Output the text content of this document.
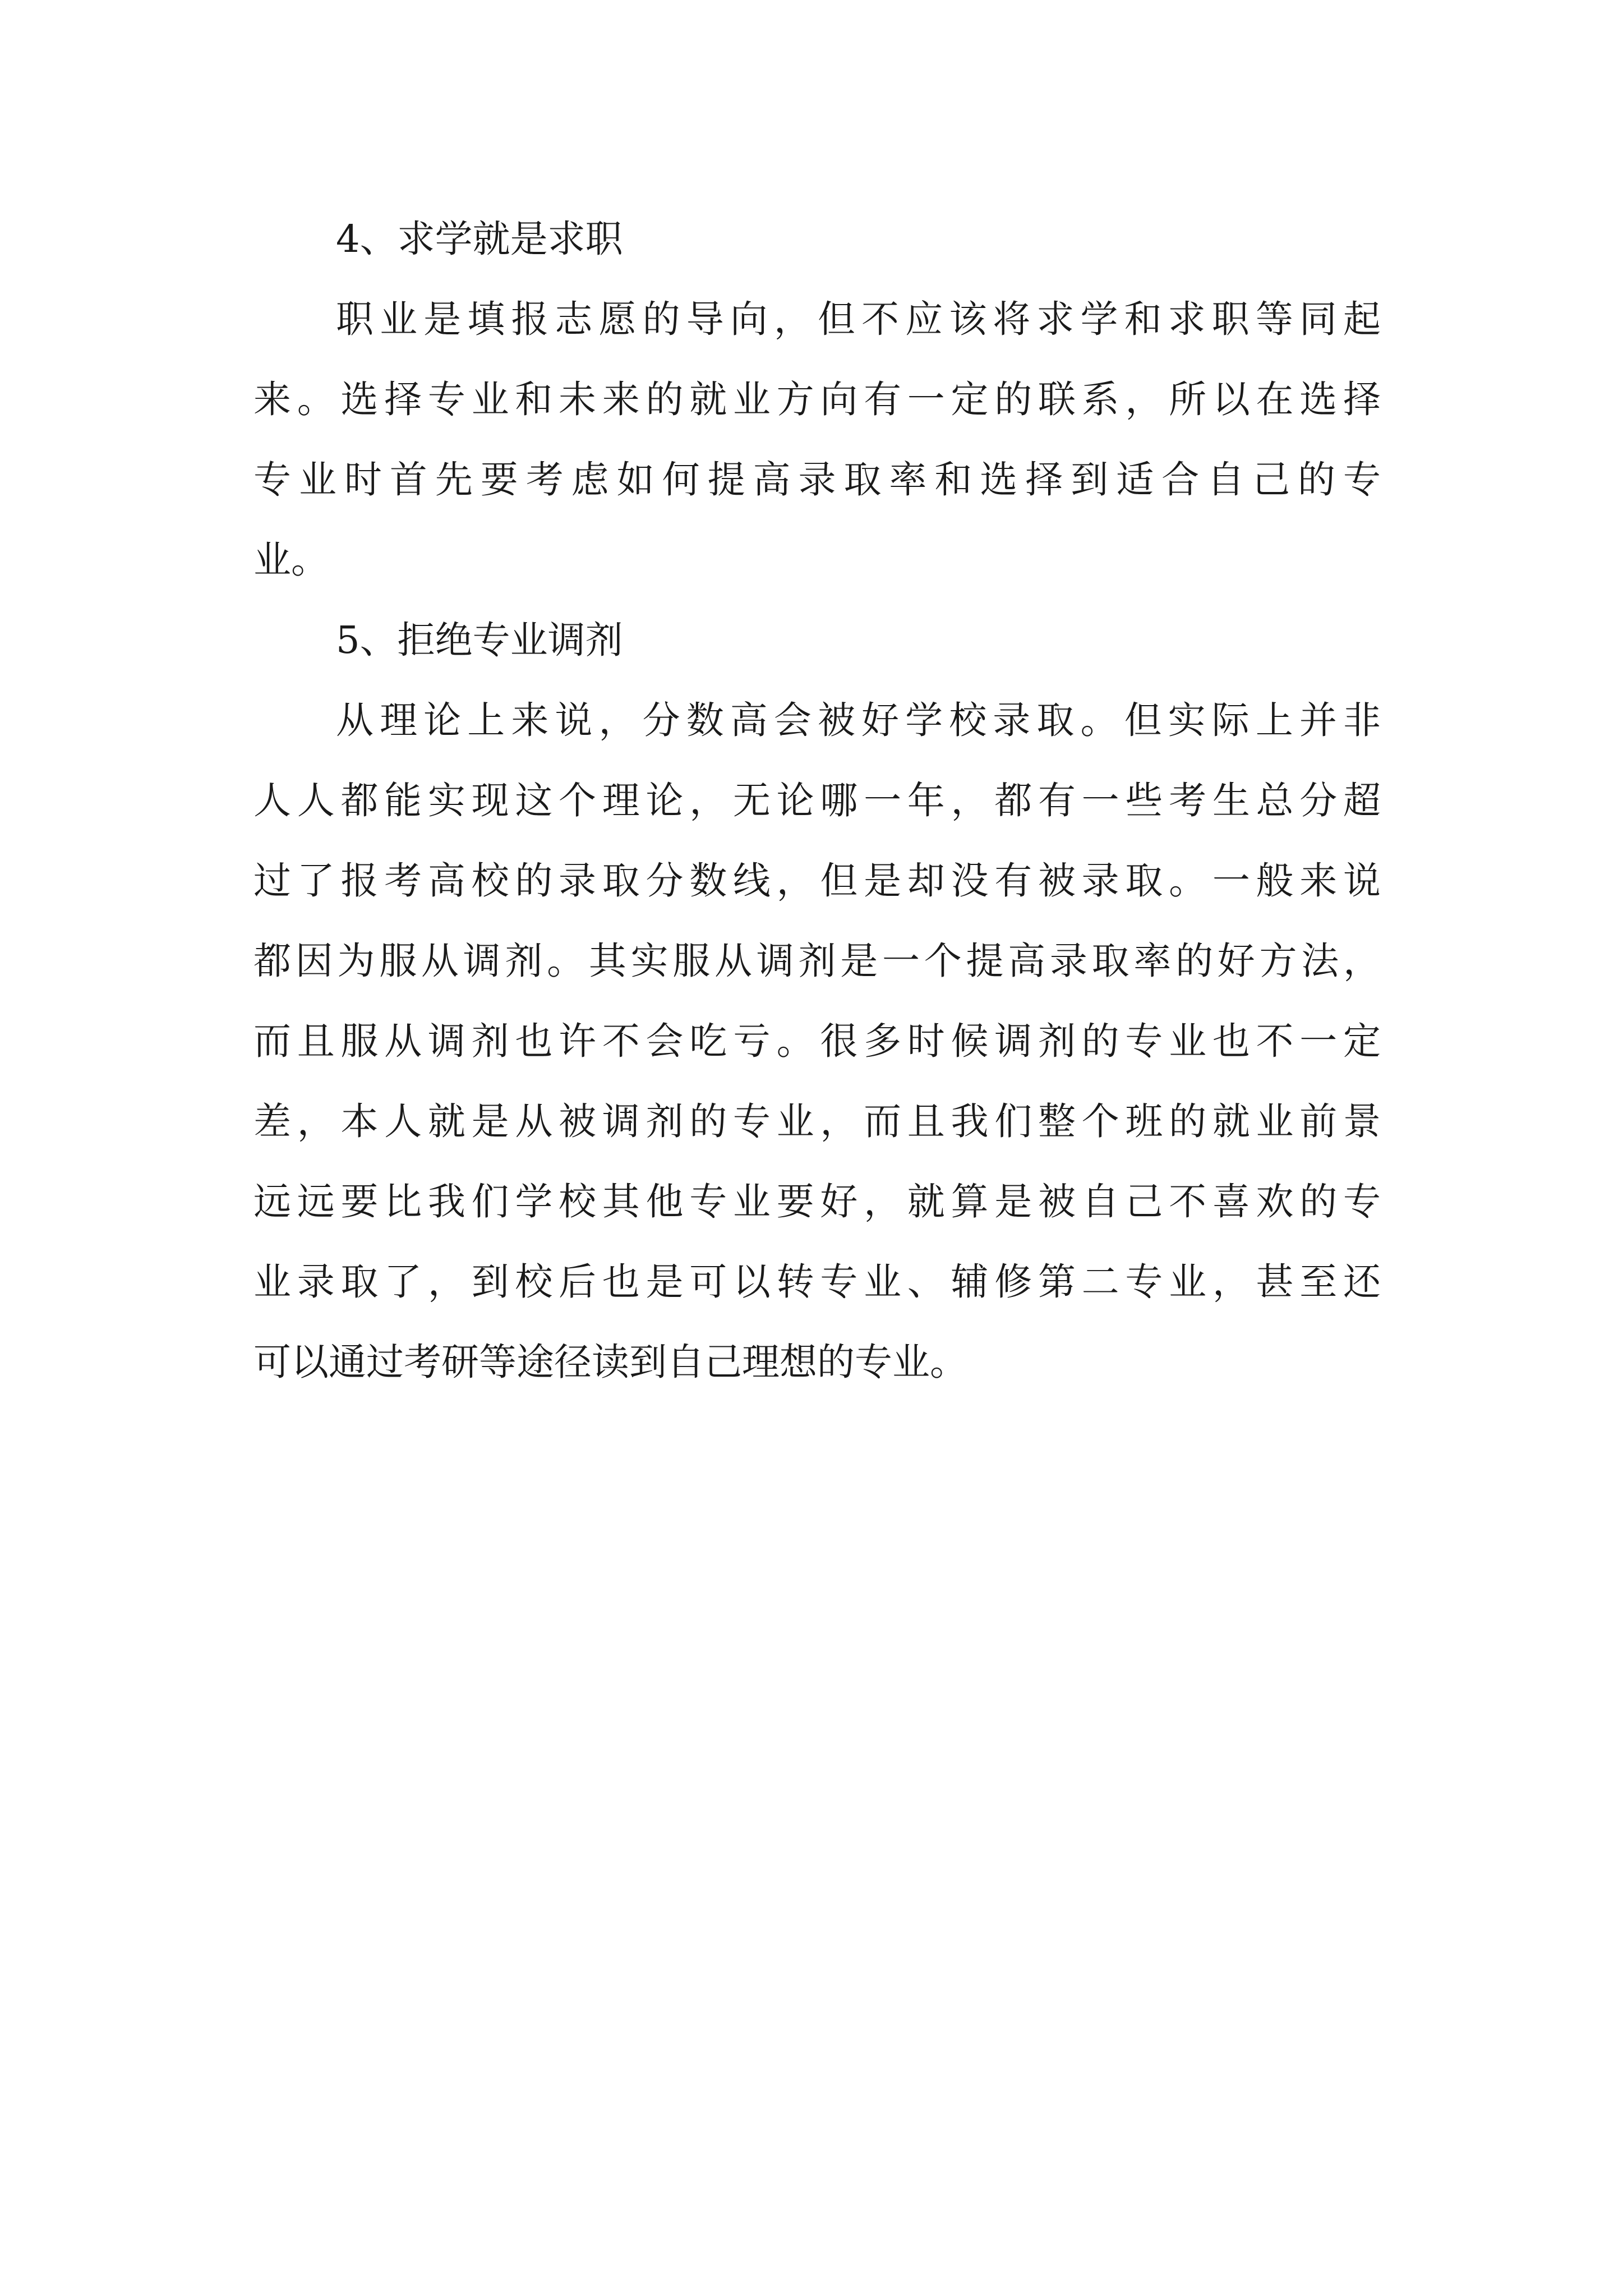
4、求学就是求职
职业是填报志愿的导向，但不应该将求学和求职等同起
来。选择专业和未来的就业方向有一定的联系，所以在选择
专业时首先要考虑如何提高录取率和选择到适合自己的专
业。
5、拒绝专业调剂
从理论上来说，分数高会被好学校录取。但实际上并非
人人都能实现这个理论，无论哪一年，都有一些考生总分超
过了报考高校的录取分数线，但是却没有被录取。一般来说
都因为服从调剂。其实服从调剂是一个提高录取率的好方法，
而且服从调剂也许不会吃亏。很多时候调剂的专业也不一定
差，本人就是从被调剂的专业，而且我们整个班的就业前景
远远要比我们学校其他专业要好，就算是被自己不喜欢的专
业录取了，到校后也是可以转专业、辅修第二专业，甚至还
可以通过考研等途径读到自己理想的专业。
